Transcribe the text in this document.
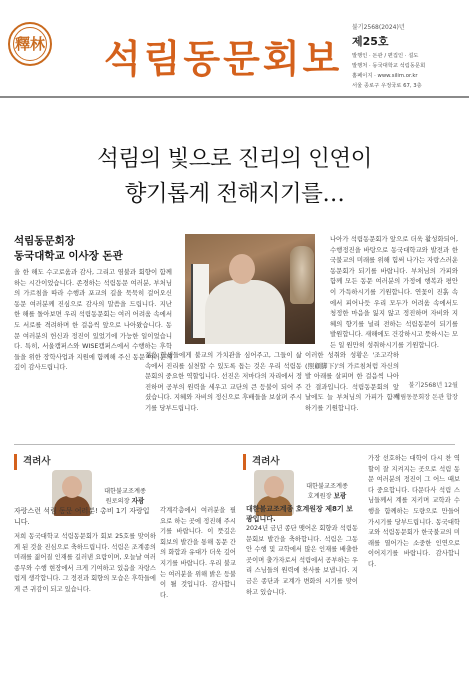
釋林 석림동문회보
불기2568(2024)년
제25호
발행인 · 돈관 / 편집인 · 설도
발행처 · 동국대학교 석림동문회
홈페이지 · www.silim.or.kr
서울 종로구 우정국로 67, 3층
석림의 빛으로 진리의 인연이
향기롭게 전해지기를…
석림동문회장
동국대학교 이사장 돈관
올 한 해도 수고로움과 감사, 그리고 염불과 회향이 함께 하는 시간이었습니다. 존경하는 석림동문 여러분, 부처님의 가르침을 따라 수행과 포교의 길을 묵묵히 걸어오신 동문 여러분께 진심으로 감사의 말씀을 드립니다. 지난 한 해를 돌아보면 우리 석림동문회는 여러 어려움 속에서도 서로를 격려하며 한 걸음씩 앞으로 나아왔습니다. 동문 여러분의 헌신과 정진이 있었기에 가능한 일이었습니다. 특히, 서울캠퍼스와 WISE캠퍼스에서 수행하는 후학들을 위한 장학사업과 지원에 함께해 주신 동문 여러분께 깊이 감사드립니다.
젊은 학생들에게 불교의 가치관을 심어주고, 그들이 삶 속에서 진리를 실천할 수 있도록 돕는 것은 우리 석림동문회의 중요한 역할입니다. 선진은 저마다의 자리에서 정진하며 공부의 원력을 세우고 교단의 큰 등불이 되어 주셨습니다. 지혜와 자비의 정신으로 후배들을 보살펴 주시기를 당부드립니다.
이러한 성취와 성황은 '조고각하(照顧脚下)'의 가르침처럼 자신의 발 아래를 살피며 한 걸음씩 나아간 결과입니다. 석림동문회의 앞날에도 늘 부처님의 가피가 함께하기를 기원합니다.
나아가 석림동문회가 앞으로 더욱 활성화되어, 수행정진을 바탕으로 동국대학교와 발전과 한국불교의 미래를 위해 힘써 나가는 자랑스러운 동문회가 되기를 바랍니다. 부처님의 가피와 함께 모든 동문 여러분의 가정에 행복과 평안이 가득하시기를 기원합니다. 연꽃이 진흙 속에서 피어나듯 우리 모두가 어려움 속에서도 청정한 마음을 잃지 않고 정진하며 자비와 지혜의 향기를 널리 전하는 석림동문이 되기를 발원합니다. 새해에도 건강하시고 뜻하시는 모든 일 원만히 성취하시기를 기원합니다.
불기2568년 12월
석림동문회장 돈관 합장
격려사
대한불교조계종
원로의장 자광
자랑스런 석림 동문 여러분! 총비 1기 자랑입니다.
저희 동국대학교 석림동문회가 회보 25호를 맞이하게 된 것을 진심으로 축하드립니다. 석림은 조계종의 미래를 짊어질 인재를 길러낸 요람이며, 오늘날 여러 종무와 수행 현장에서 크게 기여하고 있음을 자랑스럽게 생각합니다. 그 정진과 회향의 모습은 후학들에게 큰 귀감이 되고 있습니다.
각계각층에서 여러분을 필요로 하는 곳에 정진해 주시기를 바랍니다. 이 뜻깊은 회보의 발간을 통해 동문 간의 화합과 유대가 더욱 깊어지기를 바랍니다. 우리 불교는 여러분을 위해 밝은 등불이 될 것입니다. 감사합니다.
격려사
대한불교조계종
호계원장 보광
대한불교조계종 호계원장 제8기 보광입니다.
2024년 금년 종단 맺어온 회향과 석림동문회보 발간을 축하합니다. 석림은 그동안 수행 및 교학에서 많은 인재를 배출한 곳이며 출가자로서 석림에서 공부하는 우리 스님들의 원력에 찬사를 보냅니다. 지금은 종단과 교계가 변화의 시기를 맞이하고 있습니다.
가장 선호하는 대학이 다시 찬 역할이 잘 지켜지는 곳으로 석림 동문 여러분의 정진이 그 어느 때보다 중요합니다. 다문다사 석림 스님들께서 계를 지키며 교학과 수행을 함께하는 도량으로 만들어 가시기를 당부드립니다. 동국대학교와 석림동문회가 한국불교의 미래를 열어가는 소중한 인연으로 이어지기를 바랍니다. 감사합니다.
